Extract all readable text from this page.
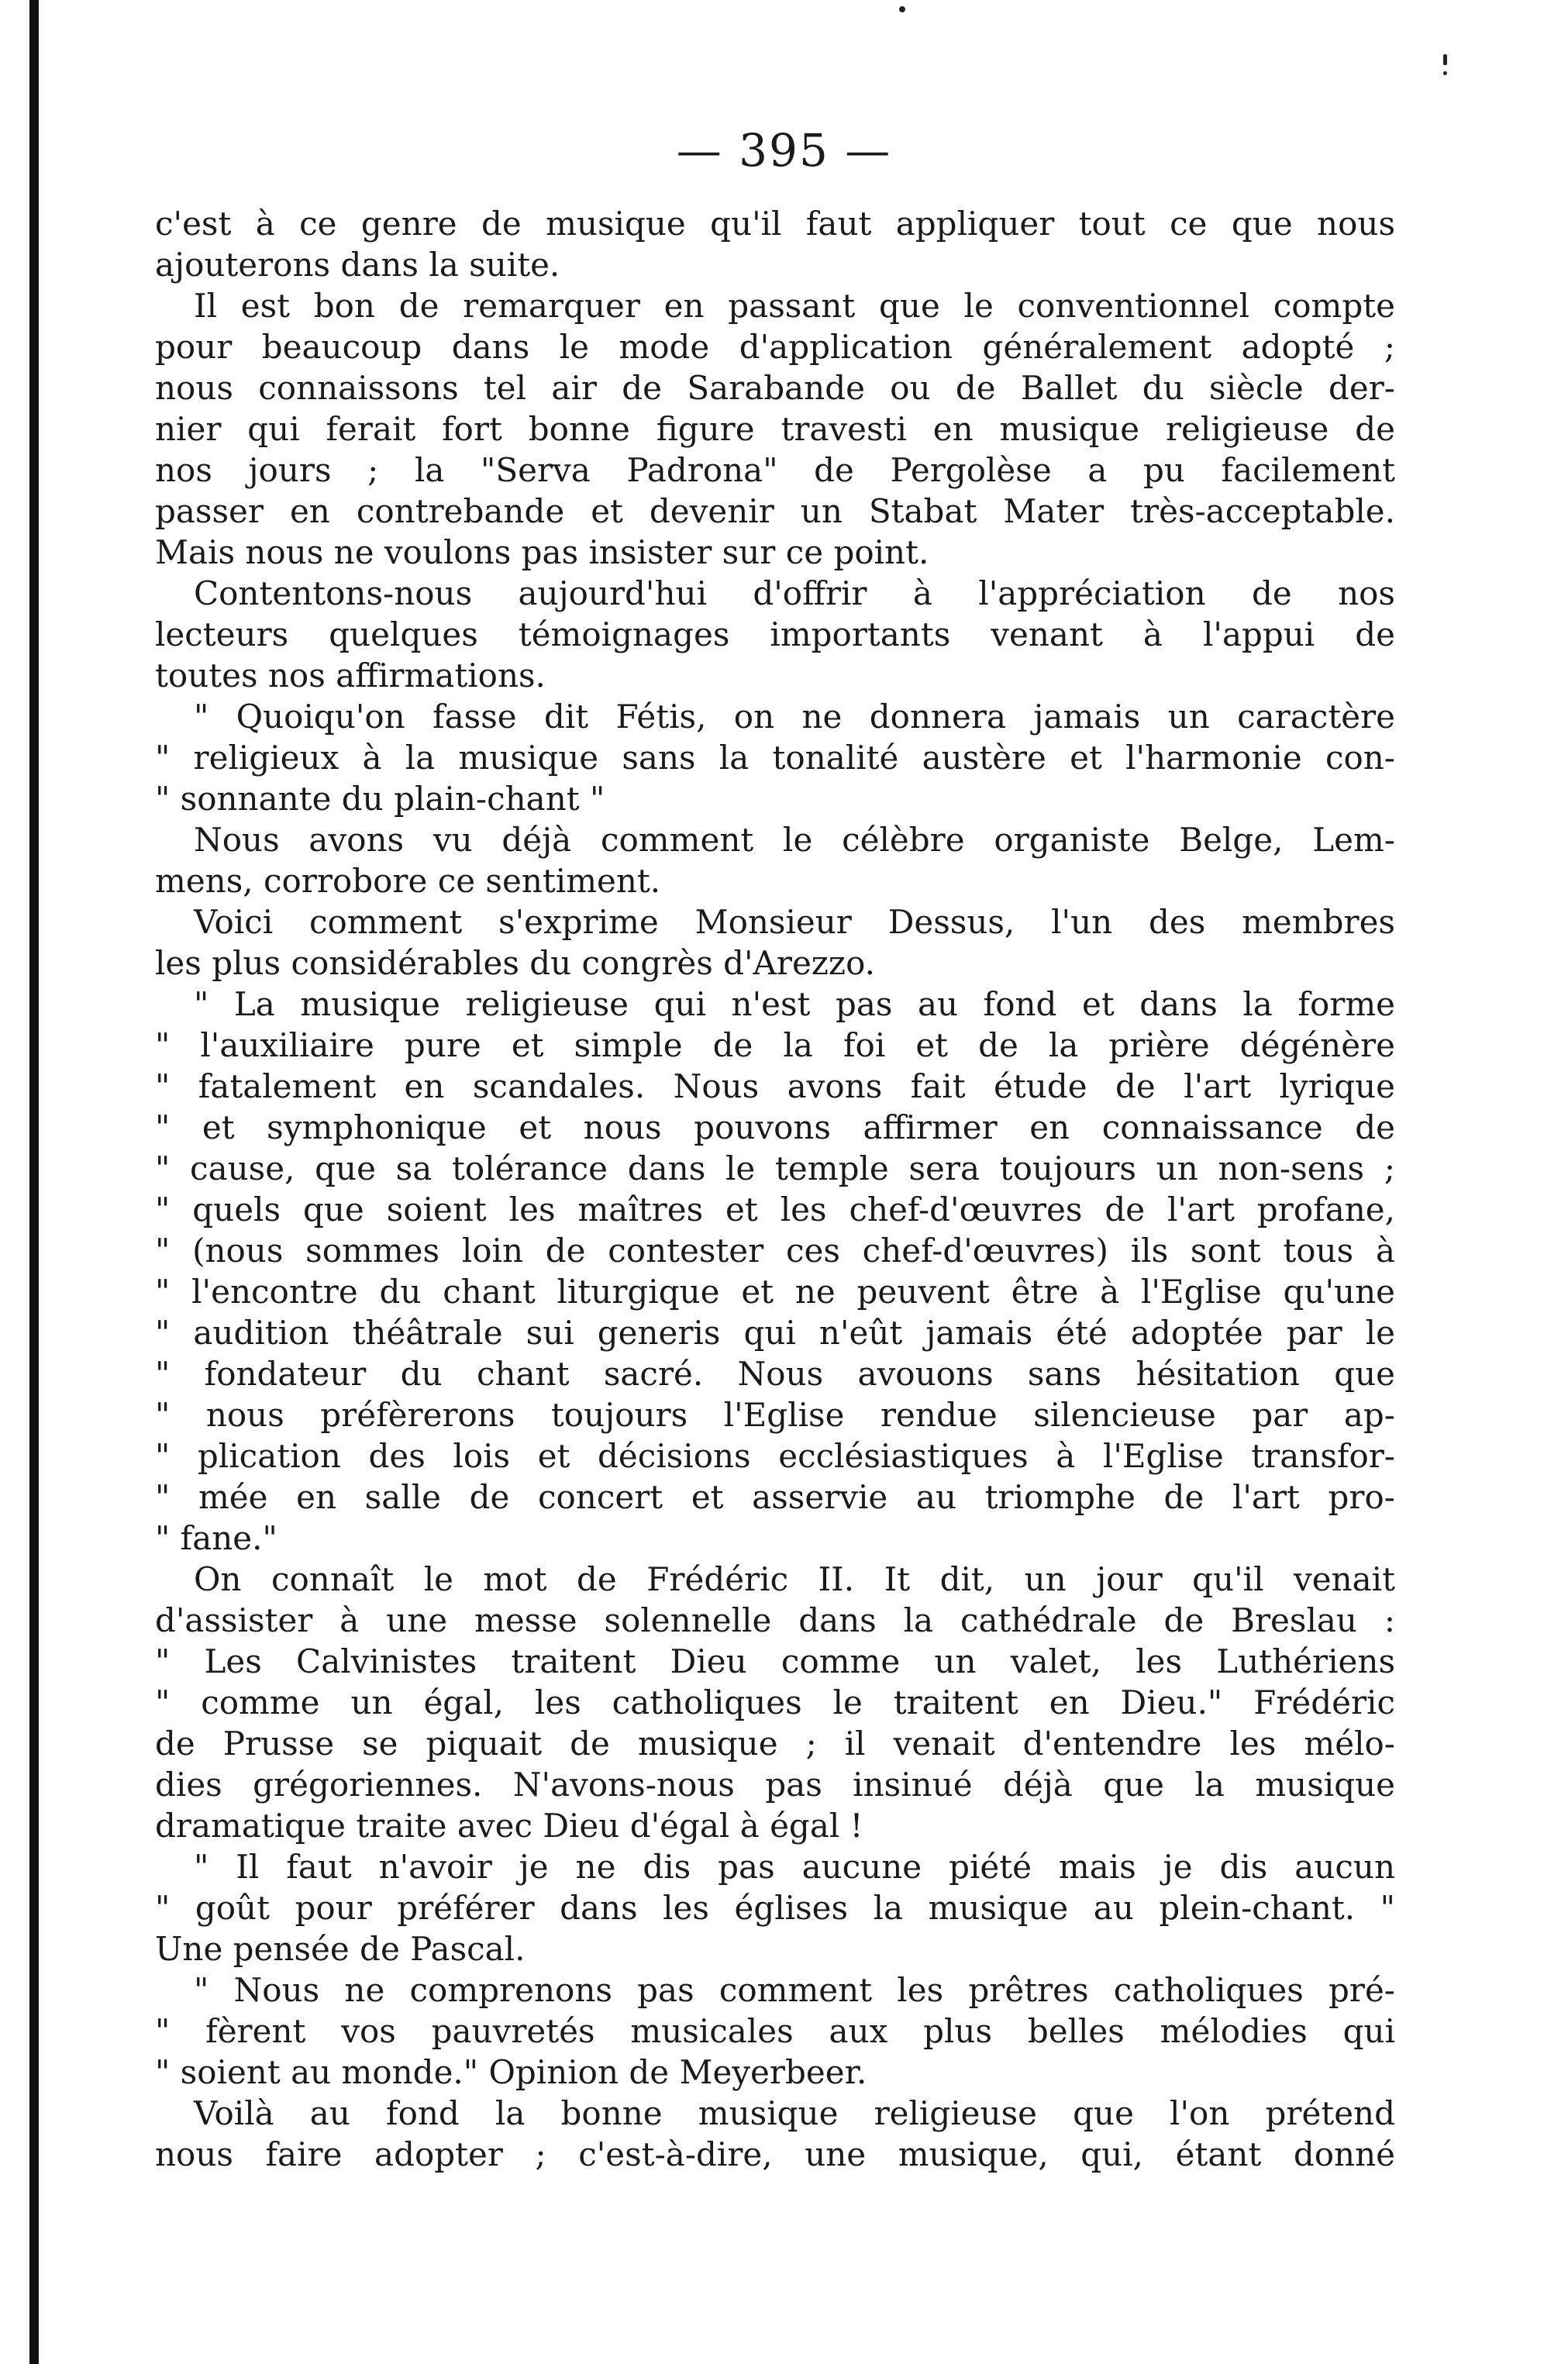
— 395 —
c'est à ce genre de musique qu'il faut appliquer tout ce que nous
ajouterons dans la suite.
Il est bon de remarquer en passant que le conventionnel compte
pour beaucoup dans le mode d'application généralement adopté ;
nous connaissons tel air de Sarabande ou de Ballet du siècle der-
nier qui ferait fort bonne figure travesti en musique religieuse de
nos jours ; la "Serva Padrona" de Pergolèse a pu facilement
passer en contrebande et devenir un Stabat Mater très-acceptable.
Mais nous ne voulons pas insister sur ce point.
Contentons-nous aujourd'hui d'offrir à l'appréciation de nos
lecteurs quelques témoignages importants venant à l'appui de
toutes nos affirmations.
" Quoiqu'on fasse dit Fétis, on ne donnera jamais un caractère
" religieux à la musique sans la tonalité austère et l'harmonie con-
" sonnante du plain-chant "
Nous avons vu déjà comment le célèbre organiste Belge, Lem-
mens, corrobore ce sentiment.
Voici comment s'exprime Monsieur Dessus, l'un des membres
les plus considérables du congrès d'Arezzo.
" La musique religieuse qui n'est pas au fond et dans la forme
" l'auxiliaire pure et simple de la foi et de la prière dégénère
" fatalement en scandales. Nous avons fait étude de l'art lyrique
" et symphonique et nous pouvons affirmer en connaissance de
" cause, que sa tolérance dans le temple sera toujours un non-sens ;
" quels que soient les maîtres et les chef-d'œuvres de l'art profane,
" (nous sommes loin de contester ces chef-d'œuvres) ils sont tous à
" l'encontre du chant liturgique et ne peuvent être à l'Eglise qu'une
" audition théâtrale sui generis qui n'eût jamais été adoptée par le
" fondateur du chant sacré. Nous avouons sans hésitation que
" nous préfèrerons toujours l'Eglise rendue silencieuse par ap-
" plication des lois et décisions ecclésiastiques à l'Eglise transfor-
" mée en salle de concert et asservie au triomphe de l'art pro-
" fane."
On connaît le mot de Frédéric II. It dit, un jour qu'il venait
d'assister à une messe solennelle dans la cathédrale de Breslau :
" Les Calvinistes traitent Dieu comme un valet, les Luthériens
" comme un égal, les catholiques le traitent en Dieu." Frédéric
de Prusse se piquait de musique ; il venait d'entendre les mélo-
dies grégoriennes. N'avons-nous pas insinué déjà que la musique
dramatique traite avec Dieu d'égal à égal !
" Il faut n'avoir je ne dis pas aucune piété mais je dis aucun
" goût pour préférer dans les églises la musique au plein-chant. "
Une pensée de Pascal.
" Nous ne comprenons pas comment les prêtres catholiques pré-
" fèrent vos pauvretés musicales aux plus belles mélodies qui
" soient au monde." Opinion de Meyerbeer.
Voilà au fond la bonne musique religieuse que l'on prétend
nous faire adopter ; c'est-à-dire, une musique, qui, étant donné
